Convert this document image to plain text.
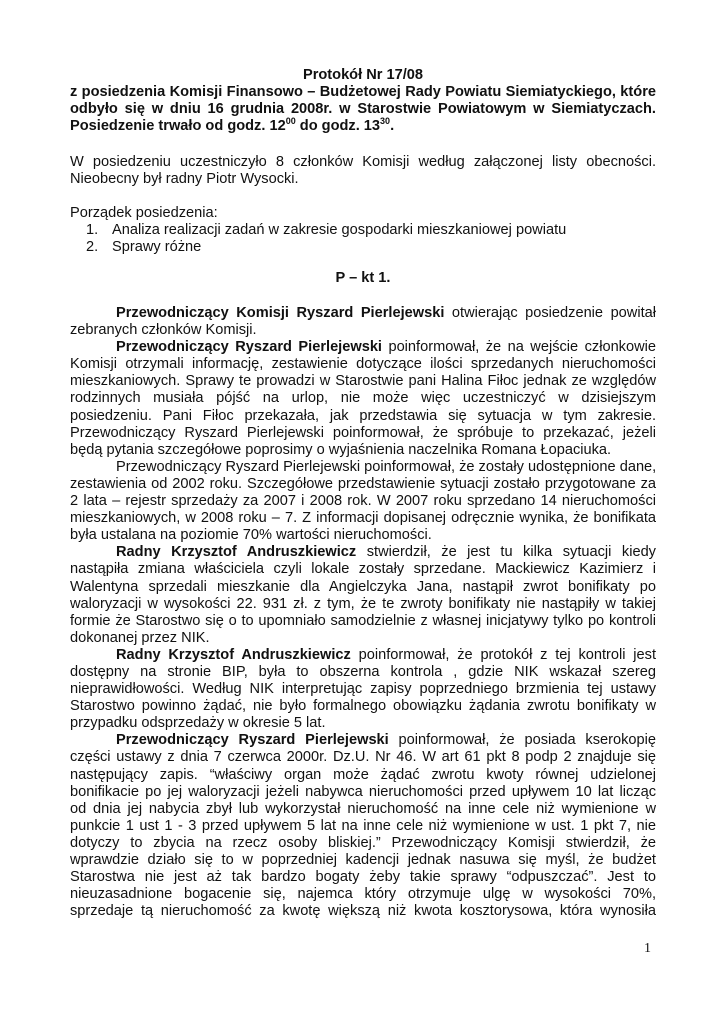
Protokół Nr 17/08
z posiedzenia Komisji Finansowo – Budżetowej Rady Powiatu Siemiatyckiego, które
odbyło się w dniu 16 grudnia 2008r. w Starostwie Powiatowym w Siemiatyczach.
Posiedzenie trwało od godz. $12^{00}$ do godz. $13^{30}$.
W posiedzeniu uczestniczyło 8 członków Komisji według załączonej listy obecności.
Nieobecny był radny Piotr Wysocki.
Porządek posiedzenia:
1. Analiza realizacji zadań w zakresie gospodarki mieszkaniowej powiatu
2. Sprawy różne
P – kt 1.
Przewodniczący Komisji Ryszard Pierlejewski otwierając posiedzenie powitał
zebranych członków Komisji.
Przewodniczący Ryszard Pierlejewski poinformował, że na wejście członkowie
Komisji otrzymali informację, zestawienie dotyczące ilości sprzedanych nieruchomości
mieszkaniowych. Sprawy te prowadzi w Starostwie pani Halina Fiłoc jednak ze względów
rodzinnych musiała pójść na urlop, nie może więc uczestniczyć w dzisiejszym
posiedzeniu. Pani Fiłoc przekazała, jak przedstawia się sytuacja w tym zakresie.
Przewodniczący Ryszard Pierlejewski poinformował, że spróbuje to przekazać, jeżeli
będą pytania szczegółowe poprosimy o wyjaśnienia naczelnika Romana Łopaciuka.
Przewodniczący Ryszard Pierlejewski poinformował, że zostały udostępnione dane,
zestawienia od 2002 roku. Szczegółowe przedstawienie sytuacji zostało przygotowane za
2 lata – rejestr sprzedaży za 2007 i 2008 rok. W 2007 roku sprzedano 14 nieruchomości
mieszkaniowych, w 2008 roku – 7. Z informacji dopisanej odręcznie wynika, że bonifikata
była ustalana na poziomie 70% wartości nieruchomości.
Radny Krzysztof Andruszkiewicz stwierdził, że jest tu kilka sytuacji kiedy
nastąpiła zmiana właściciela czyli lokale zostały sprzedane. Mackiewicz Kazimierz i
Walentyna sprzedali mieszkanie dla Angielczyka Jana, nastąpił zwrot bonifikaty po
waloryzacji w wysokości 22. 931 zł. z tym, że te zwroty bonifikaty nie nastąpiły w takiej
formie że Starostwo się o to upomniało samodzielnie z własnej inicjatywy tylko po kontroli
dokonanej przez NIK.
Radny Krzysztof Andruszkiewicz poinformował, że protokół z tej kontroli jest
dostępny na stronie BIP, była to obszerna kontrola , gdzie NIK wskazał szereg
nieprawidłowości. Według NIK interpretując zapisy poprzedniego brzmienia tej ustawy
Starostwo powinno żądać, nie było formalnego obowiązku żądania zwrotu bonifikaty w
przypadku odsprzedaży w okresie 5 lat.
Przewodniczący Ryszard Pierlejewski poinformował, że posiada kserokopię
części ustawy z dnia 7 czerwca 2000r. Dz.U. Nr 46. W art 61 pkt 8 podp 2 znajduje się
następujący zapis. “właściwy organ może żądać zwrotu kwoty równej udzielonej
bonifikacie po jej waloryzacji jeżeli nabywca nieruchomości przed upływem 10 lat licząc
od dnia jej nabycia zbył lub wykorzystał nieruchomość na inne cele niż wymienione w
punkcie 1 ust 1 - 3 przed upływem 5 lat na inne cele niż wymienione w ust. 1 pkt 7, nie
dotyczy to zbycia na rzecz osoby bliskiej.” Przewodniczący Komisji stwierdził, że
wprawdzie działo się to w poprzedniej kadencji jednak nasuwa się myśl, że budżet
Starostwa nie jest aż tak bardzo bogaty żeby takie sprawy “odpuszczać”. Jest to
nieuzasadnione bogacenie się, najemca który otrzymuje ulgę w wysokości 70%,
sprzedaje tą nieruchomość za kwotę większą niż kwota kosztorysowa, która wynosiła
1
